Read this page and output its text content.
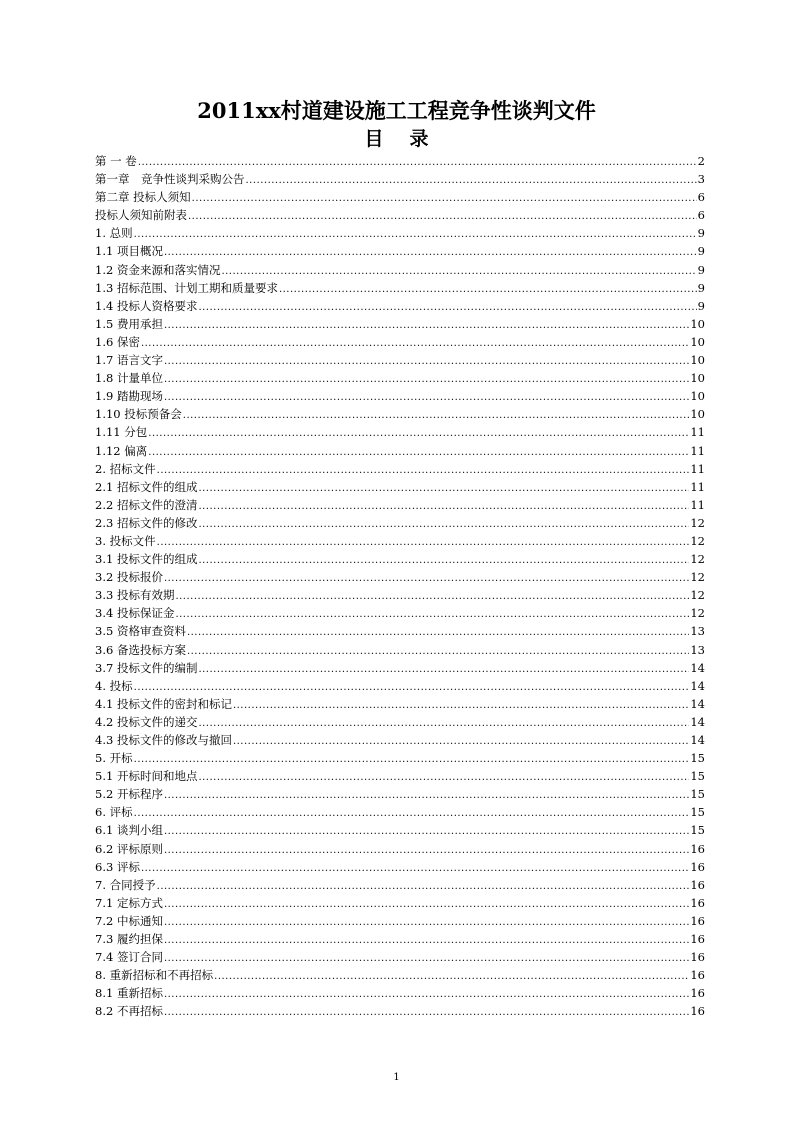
2011xx村道建设施工工程竞争性谈判文件
目录
第 一 卷 .....	2
第一章　竞争性谈判采购公告 .....	3
第二章 投标人须知 .....	6
投标人须知前附表 .....	6
1. 总则 .....	9
1.1 项目概况 .....	9
1.2 资金来源和落实情况 .....	9
1.3 招标范围、计划工期和质量要求 .....	9
1.4 投标人资格要求 .....	9
1.5 费用承担 .....	10
1.6 保密 .....	10
1.7 语言文字 .....	10
1.8 计量单位 .....	10
1.9 踏勘现场 .....	10
1.10 投标预备会 .....	10
1.11 分包 .....	11
1.12 偏离 .....	11
2. 招标文件 .....	11
2.1 招标文件的组成 .....	11
2.2 招标文件的澄清 .....	11
2.3 招标文件的修改 .....	12
3. 投标文件 .....	12
3.1 投标文件的组成 .....	12
3.2 投标报价 .....	12
3.3 投标有效期 .....	12
3.4 投标保证金 .....	12
3.5 资格审查资料 .....	13
3.6 备选投标方案 .....	13
3.7 投标文件的编制 .....	14
4. 投标 .....	14
4.1 投标文件的密封和标记 .....	14
4.2 投标文件的递交 .....	14
4.3 投标文件的修改与撤回 .....	14
5. 开标 .....	15
5.1 开标时间和地点 .....	15
5.2 开标程序 .....	15
6. 评标 .....	15
6.1 谈判小组 .....	15
6.2 评标原则 .....	16
6.3 评标 .....	16
7. 合同授予 .....	16
7.1 定标方式 .....	16
7.2 中标通知 .....	16
7.3 履约担保 .....	16
7.4 签订合同 .....	16
8. 重新招标和不再招标 .....	16
8.1 重新招标 .....	16
8.2 不再招标 .....	16
1
